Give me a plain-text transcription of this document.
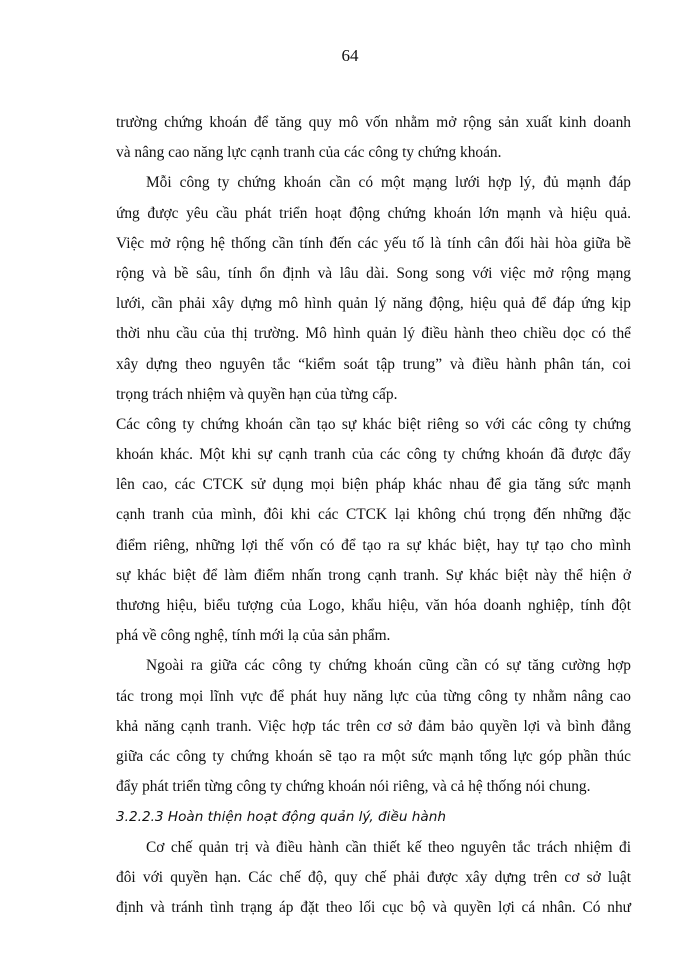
64
trường chứng khoán để tăng quy mô vốn nhằm mở rộng sản xuất kinh doanh
và nâng cao năng lực cạnh tranh của các công ty chứng khoán.
Mỗi công ty chứng khoán cần có một mạng lưới hợp lý, đủ mạnh đáp
ứng được yêu cầu phát triển hoạt động chứng khoán lớn mạnh và hiệu quả.
Việc mở rộng hệ thống cần tính đến các yếu tố là tính cân đối hài hòa giữa bề
rộng và bề sâu, tính ổn định và lâu dài. Song song với việc mở rộng mạng
lưới, cần phải xây dựng mô hình quản lý năng động, hiệu quả để đáp ứng kịp
thời nhu cầu của thị trường. Mô hình quản lý điều hành theo chiều dọc có thể
xây dựng theo nguyên tắc “kiểm soát tập trung” và điều hành phân tán, coi
trọng trách nhiệm và quyền hạn của từng cấp.
Các công ty chứng khoán cần tạo sự khác biệt riêng so với các công ty chứng
khoán khác. Một khi sự cạnh tranh của các công ty chứng khoán đã được đẩy
lên cao, các CTCK sử dụng mọi biện pháp khác nhau để gia tăng sức mạnh
cạnh tranh của mình, đôi khi các CTCK lại không chú trọng đến những đặc
điểm riêng, những lợi thế vốn có để tạo ra sự khác biệt, hay tự tạo cho mình
sự khác biệt để làm điểm nhấn trong cạnh tranh. Sự khác biệt này thể hiện ở
thương hiệu, biểu tượng của Logo, khẩu hiệu, văn hóa doanh nghiệp, tính đột
phá về công nghệ, tính mới lạ của sản phẩm.
Ngoài ra giữa các công ty chứng khoán cũng cần có sự tăng cường hợp
tác trong mọi lĩnh vực để phát huy năng lực của từng công ty nhằm nâng cao
khả năng cạnh tranh. Việc hợp tác trên cơ sở đảm bảo quyền lợi và bình đẳng
giữa các công ty chứng khoán sẽ tạo ra một sức mạnh tổng lực góp phần thúc
đẩy phát triển từng công ty chứng khoán nói riêng, và cả hệ thống nói chung.
3.2.2.3 Hoàn thiện hoạt động quản lý, điều hành
Cơ chế quản trị và điều hành cần thiết kế theo nguyên tắc trách nhiệm đi
đôi với quyền hạn. Các chế độ, quy chế phải được xây dựng trên cơ sở luật
định và tránh tình trạng áp đặt theo lối cục bộ và quyền lợi cá nhân. Có như
